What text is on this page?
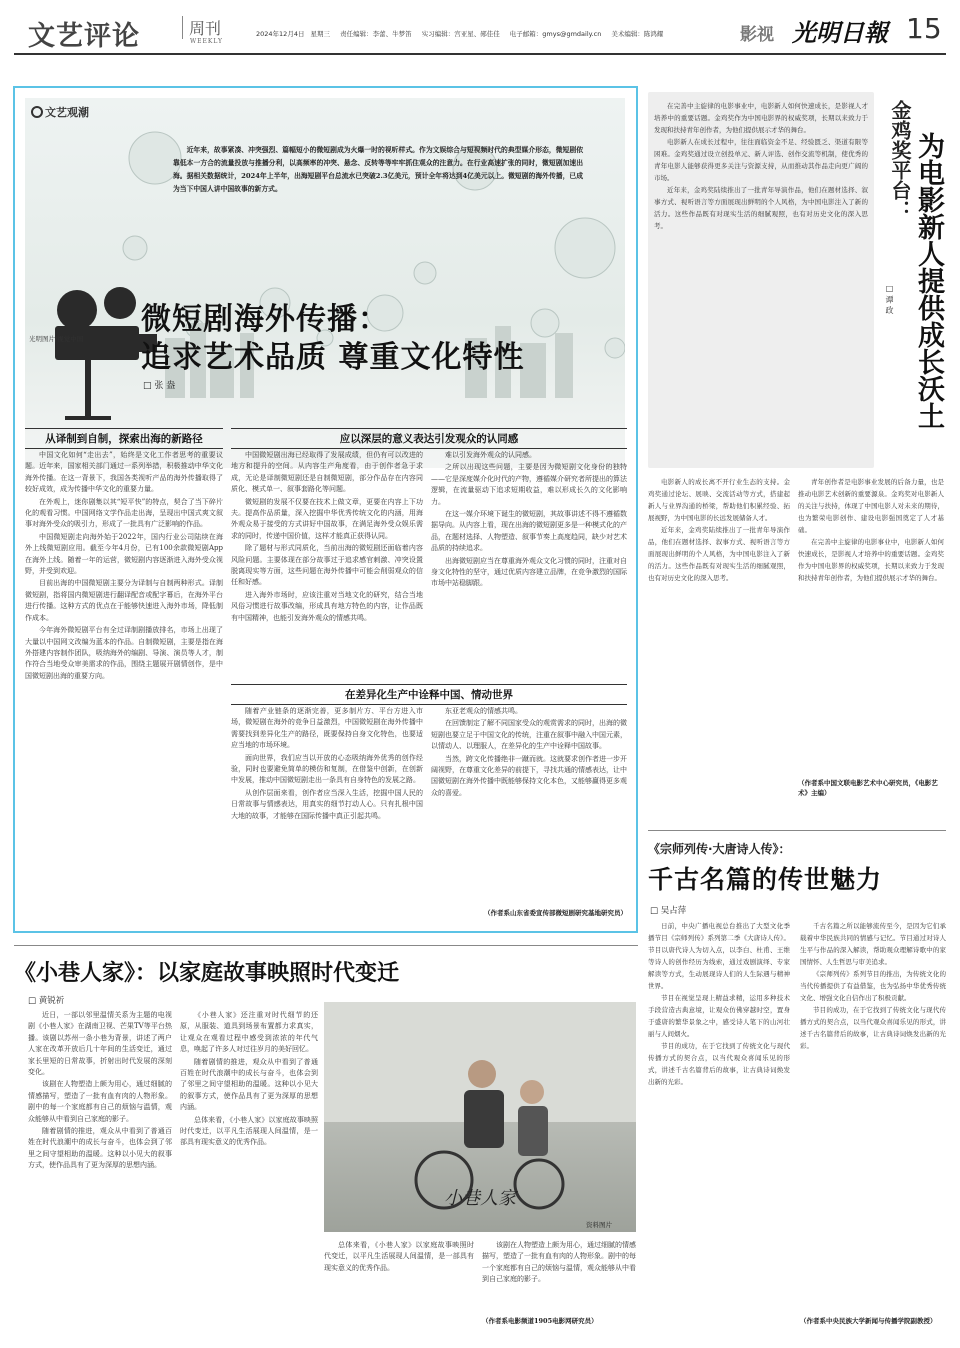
文艺评论	周刊
WEEKLY
2024年12月4日 星期三 责任编辑：李蕾、牛梦笛 实习编辑：宫亚星、郧佳佳 电子邮箱：gmys@gmdaily.cn 美术编辑：陈鸿耀	影视 光明日報 15
文艺观潮
近年来，故事紧凑、冲突强烈、篇幅短小的微短剧成为火爆一时的视听样式。作为文娱综合与短视频时代的典型媒介形态，微短剧依靠低本一方合的流量投放与推播分利，以高频率的冲突、悬念、反转等等牢牢抓住观众的注意力。在行业高速扩张的同时，微短剧加速出海。据相关数据统计，2024年上半年，出海短剧平台总流水已突破2.3亿美元，预计全年将达到4亿美元以上。微短剧的海外传播，已成为当下中国人讲中国故事的新方式。
光明图片/视觉中国
微短剧海外传播：
追求艺术品质 尊重文化特性
□ 张 盎
从译制到自制，探索出海的新路径	应以深层的意义表达引发观众的认同感

中国文化如何“走出去”，始终是文化工作者思考的重要议题。近年来，国家相关部门通过一系列举措，积极推动中华文化海外传播。在这一背景下，我国各类视听产品的海外传播取得了较好成效，成为传播中华文化的重要力量。

在外观上，迷你剧集以其“短平快”的特点，契合了当下碎片化的观看习惯。中国网络文学作品走出海，呈现出中国式爽文叙事对海外受众的吸引力，形成了一批具有广泛影响的作品。

中国微短剧走向海外始于2022年，国内行业公司陆续在海外上线微短剧应用。截至今年4月份，已有100余款微短剧App在海外上线。随着一年的运营，微短剧内容逐渐进入海外受众视野，并受到欢迎。

目前出海的中国微短剧主要分为译制与自制两种形式。译制微短剧，指将国内微短剧进行翻译配音或配字幕后，在海外平台进行传播。这种方式的优点在于能够快速进入海外市场，降低制作成本。

今年海外微短剧平台有全过译制剧播放排名，市场上出现了大量以中国网文改编为蓝本的作品。自制微短剧，主要是指在海外搭建内容制作团队，吸纳海外的编剧、导演、演员等人才，制作符合当地受众审美需求的作品，围绕主题展开剧情创作，是中国微短剧出海的重要方向。

中国微短剧出海已经取得了发展成绩，但仍有可以改进的地方和提升的空间。从内容生产角度看，由于创作者急于求成，无论是译制微短剧还是自制微短剧，部分作品存在内容同质化、模式单一、叙事套路化等问题。

微短剧的发展不仅要在技术上做文章，更要在内容上下功夫。提高作品质量，深入挖掘中华优秀传统文化的内涵，用海外观众易于接受的方式讲好中国故事，在满足海外受众娱乐需求的同时，传递中国价值，这样才能真正获得认同。

除了题材与形式同质化，当前出海的微短剧还面临着内容风险问题。主要体现在部分故事过于追求感官刺激、冲突设置脱离现实等方面，这些问题在海外传播中可能会削弱观众的信任和好感。

进入海外市场时，应该注重对当地文化的研究，结合当地风俗习惯进行故事改编，形成具有地方特色的内容，让作品既有中国精神，也能引发海外观众的情感共鸣。

难以引发海外观众的认同感。

之所以出现这些问题，主要是因为微短剧文化身份的独特——它是深度媒介化时代的产物，遵循媒介研究者所提出的算法逻辑，在流量驱动下追求短期收益，难以形成长久的文化影响力。

在这一媒介环境下诞生的微短剧，其故事讲述不得不遵循数据导向。从内容上看，现在出海的微短剧更多是一种模式化的产品，在题材选择、人物塑造、叙事节奏上高度趋同，缺少对艺术品质的持续追求。

出海微短剧应当在尊重海外观众文化习惯的同时，注重对自身文化特性的坚守，通过优质内容建立品牌，在竞争激烈的国际市场中站稳脚跟。

在差异化生产中诠释中国、情动世界

随着产业链条的逐渐完善，更多制片方、平台方进入市场，微短剧在海外的竞争日益激烈，中国微短剧在海外传播中需要找到差异化生产的路径，既要保持自身文化特色，也要适应当地的市场环境。

面向世界，我们应当以开放的心态吸纳海外优秀的创作经验，同时也要避免简单的模仿和复制，在借鉴中创新，在创新中发展，推动中国微短剧走出一条具有自身特色的发展之路。

从创作层面来看，创作者应当深入生活，挖掘中国人民的日常故事与情感表达，用真实的细节打动人心。只有扎根中国大地的故事，才能够在国际传播中真正引起共鸣。

东亚老观众的情感共鸣。

在回馈制定了解不同国家受众的观赏需求的同时，出海的微短剧也要立足于中国文化的传统，注重在叙事中融入中国元素，以情动人、以理服人，在差异化的生产中诠释中国故事。

当然，跨文化传播绝非一蹴而就。这就要求创作者进一步开阔视野，在尊重文化差异的前提下，寻找共通的情感表达，让中国微短剧在海外传播中既能够保持文化本色，又能够赢得更多观众的喜爱。

（作者系山东省委宣传部微短剧研究基地研究员）
金鸡奖平台： 为电影新人提供成长沃土
□ 谭 政

在完善中主旋律的电影事业中，电影新人如何快速成长，是影视人才培养中的重要话题。金鸡奖作为中国电影界的权威奖项，长期以来致力于发现和扶持青年创作者，为他们提供展示才华的舞台。

电影新人在成长过程中，往往面临资金不足、经验匮乏、渠道有限等困难。金鸡奖通过设立创投单元、新人评选、创作交流等机制，使优秀的青年电影人能够获得更多关注与资源支持，从而推动其作品走向更广阔的市场。

近年来，金鸡奖陆续推出了一批青年导演作品，他们在题材选择、叙事方式、视听语言等方面展现出鲜明的个人风格，为中国电影注入了新的活力。这些作品既有对现实生活的细腻观照，也有对历史文化的深入思考。

电影新人的成长离不开行业生态的支持。金鸡奖通过论坛、展映、交流活动等方式，搭建起新人与业界沟通的桥梁，帮助他们积累经验、拓展视野，为中国电影的长远发展储备人才。

近年来，金鸡奖陆续推出了一批青年导演作品，他们在题材选择、叙事方式、视听语言等方面展现出鲜明的个人风格，为中国电影注入了新的活力。这些作品既有对现实生活的细腻观照，也有对历史文化的深入思考。

青年创作者是电影事业发展的后备力量，也是推动电影艺术创新的重要源泉。金鸡奖对电影新人的关注与扶持，体现了中国电影人对未来的期待，也为繁荣电影创作、建设电影强国奠定了人才基础。

在完善中主旋律的电影事业中，电影新人如何快速成长，是影视人才培养中的重要话题。金鸡奖作为中国电影界的权威奖项，长期以来致力于发现和扶持青年创作者，为他们提供展示才华的舞台。

（作者系中国文联电影艺术中心研究员，《电影艺术》主编）
《宗师列传·大唐诗人传》：
千古名篇的传世魅力
□ 吴占萍

日前，中央广播电视总台推出了大型文化季播节目《宗师列传》系列第二季《大唐诗人传》。节目以唐代诗人为切入点，以李白、杜甫、王维等诗人的创作经历为线索，通过戏剧演绎、专家解读等方式，生动展现诗人们的人生际遇与精神世界。

节目在视觉呈现上精益求精，运用多种技术手段营造古典意境，让观众仿佛穿越时空，置身于盛唐的繁华景象之中，感受诗人笔下的山河壮丽与人间烟火。

节目的成功，在于它找到了传统文化与现代传播方式的契合点，以当代观众喜闻乐见的形式，讲述千古名篇背后的故事，让古典诗词焕发出新的光彩。

千古名篇之所以能够流传至今，是因为它们承载着中华民族共同的情感与记忆。节目通过对诗人生平与作品的深入解读，帮助观众理解诗歌中的家国情怀、人生哲思与审美追求。

《宗师列传》系列节目的推出，为传统文化的当代传播提供了有益借鉴，也为弘扬中华优秀传统文化、增强文化自信作出了积极贡献。

节目的成功，在于它找到了传统文化与现代传播方式的契合点，以当代观众喜闻乐见的形式，讲述千古名篇背后的故事，让古典诗词焕发出新的光彩。

（作者系中央民族大学新闻与传播学院副教授）
《小巷人家》：以家庭故事映照时代变迁
□ 黄锐祈

近日，一部以邻里温情关系为主题的电视剧《小巷人家》在湖南卫视、芒果TV等平台热播。该剧以苏州一条小巷为背景，讲述了两户人家在改革开放后几十年间的生活变迁，通过家长里短的日常故事，折射出时代发展的深刻变化。

该剧在人物塑造上颇为用心，通过细腻的情感描写，塑造了一批有血有肉的人物形象。剧中的每一个家庭都有自己的烦恼与温情，观众能够从中看到自己家庭的影子。

随着剧情的推进，观众从中看到了普通百姓在时代浪潮中的成长与奋斗，也体会到了邻里之间守望相助的温暖。这种以小见大的叙事方式，使作品具有了更为深厚的思想内涵。

《小巷人家》还注重对时代细节的还原，从服装、道具到场景布置都力求真实，让观众在观看过程中感受到浓浓的年代气息，唤起了许多人对过往岁月的美好回忆。

随着剧情的推进，观众从中看到了普通百姓在时代浪潮中的成长与奋斗，也体会到了邻里之间守望相助的温暖。这种以小见大的叙事方式，使作品具有了更为深厚的思想内涵。

总体来看，《小巷人家》以家庭故事映照时代变迁，以平凡生活展现人间温情，是一部具有现实意义的优秀作品。

小巷人家
资料图片

总体来看，《小巷人家》以家庭故事映照时代变迁，以平凡生活展现人间温情，是一部具有现实意义的优秀作品。

该剧在人物塑造上颇为用心，通过细腻的情感描写，塑造了一批有血有肉的人物形象。剧中的每一个家庭都有自己的烦恼与温情，观众能够从中看到自己家庭的影子。

（作者系电影频道1905电影网研究员）
